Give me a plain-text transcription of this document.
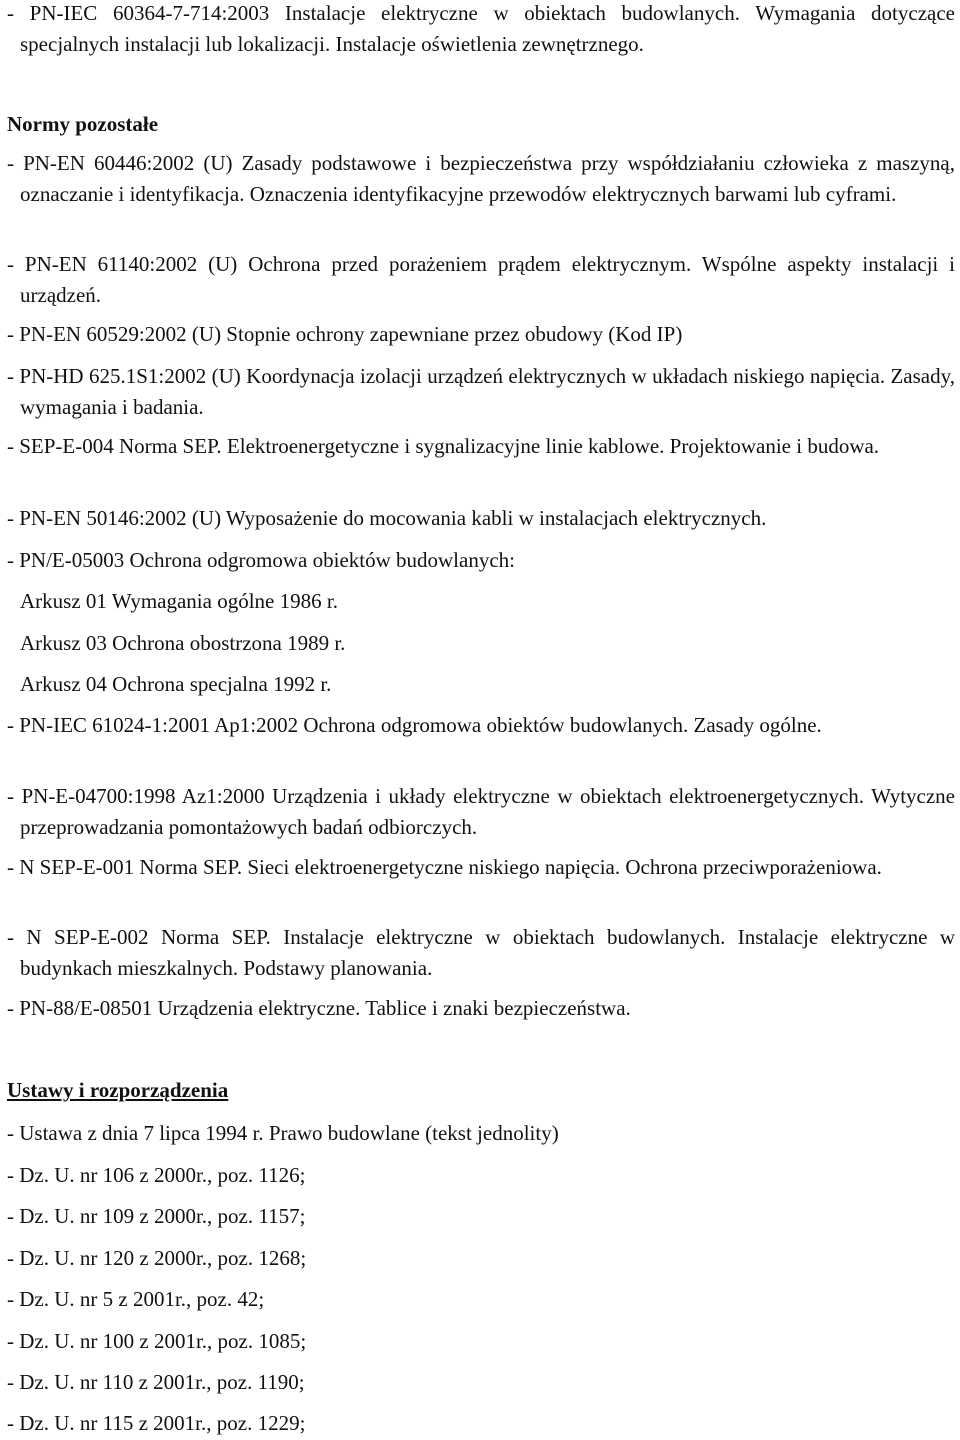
- PN-IEC 60364-7-714:2003 Instalacje elektryczne w obiektach budowlanych. Wymagania dotyczące specjalnych instalacji lub lokalizacji. Instalacje oświetlenia zewnętrznego.

Normy pozostałe

- PN-EN 60446:2002 (U) Zasady podstawowe i bezpieczeństwa przy współdziałaniu człowieka z maszyną, oznaczanie i identyfikacja. Oznaczenia identyfikacyjne przewodów elektrycznych barwami lub cyframi.

- PN-EN 61140:2002 (U) Ochrona przed porażeniem prądem elektrycznym. Wspólne aspekty instalacji i urządzeń.

- PN-EN 60529:2002 (U) Stopnie ochrony zapewniane przez obudowy (Kod IP)

- PN-HD 625.1S1:2002 (U) Koordynacja izolacji urządzeń elektrycznych w układach niskiego napięcia. Zasady, wymagania i badania.

- SEP-E-004 Norma SEP. Elektroenergetyczne i sygnalizacyjne linie kablowe. Projektowanie i budowa.

- PN-EN 50146:2002 (U) Wyposażenie do mocowania kabli w instalacjach elektrycznych.

- PN/E-05003 Ochrona odgromowa obiektów budowlanych:

Arkusz 01 Wymagania ogólne 1986 r.

Arkusz 03 Ochrona obostrzona 1989 r.

Arkusz 04 Ochrona specjalna 1992 r.

- PN-IEC 61024-1:2001 Ap1:2002 Ochrona odgromowa obiektów budowlanych. Zasady ogólne.

- PN-E-04700:1998 Az1:2000 Urządzenia i układy elektryczne w obiektach elektroenergetycznych. Wytyczne przeprowadzania pomontażowych badań odbiorczych.

- N SEP-E-001 Norma SEP. Sieci elektroenergetyczne niskiego napięcia. Ochrona przeciwporażeniowa.

- N SEP-E-002 Norma SEP. Instalacje elektryczne w obiektach budowlanych. Instalacje elektryczne w budynkach mieszkalnych. Podstawy planowania.

- PN-88/E-08501 Urządzenia elektryczne. Tablice i znaki bezpieczeństwa.

Ustawy i rozporządzenia

- Ustawa z dnia 7 lipca 1994 r. Prawo budowlane (tekst jednolity)

- Dz. U. nr 106 z 2000r., poz. 1126;

- Dz. U. nr 109 z 2000r., poz. 1157;

- Dz. U. nr 120 z 2000r., poz. 1268;

- Dz. U. nr 5 z 2001r., poz. 42;

- Dz. U. nr 100 z 2001r., poz. 1085;

- Dz. U. nr 110 z 2001r., poz. 1190;

- Dz. U. nr 115 z 2001r., poz. 1229;
